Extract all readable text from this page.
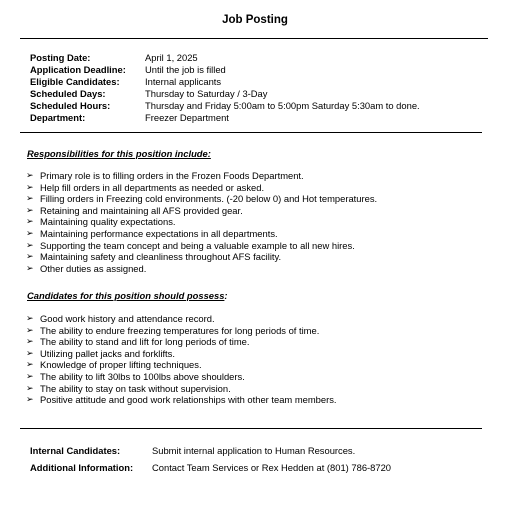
Job Posting
Posting Date:	April 1, 2025
Application Deadline:	Until the job is filled
Eligible Candidates:	Internal applicants
Scheduled Days:	Thursday to Saturday / 3-Day
Scheduled Hours:	Thursday and Friday 5:00am to 5:00pm Saturday 5:30am to done.
Department:	Freezer Department
Responsibilities for this position include:
➢ Primary role is to filling orders in the Frozen Foods Department.
➢ Help fill orders in all departments as needed or asked.
➢ Filling orders in Freezing cold environments. (-20 below 0) and Hot temperatures.
➢ Retaining and maintaining all AFS provided gear.
➢ Maintaining quality expectations.
➢ Maintaining performance expectations in all departments.
➢ Supporting the team concept and being a valuable example to all new hires.
➢ Maintaining safety and cleanliness throughout AFS facility.
➢ Other duties as assigned.
Candidates for this position should possess:
➢ Good work history and attendance record.
➢ The ability to endure freezing temperatures for long periods of time.
➢ The ability to stand and lift for long periods of time.
➢ Utilizing pallet jacks and forklifts.
➢ Knowledge of proper lifting techniques.
➢ The ability to lift 30lbs to 100lbs above shoulders.
➢ The ability to stay on task without supervision.
➢ Positive attitude and good work relationships with other team members.
Internal Candidates:	Submit internal application to Human Resources.
Additional Information:	Contact Team Services or Rex Hedden at (801) 786-8720
